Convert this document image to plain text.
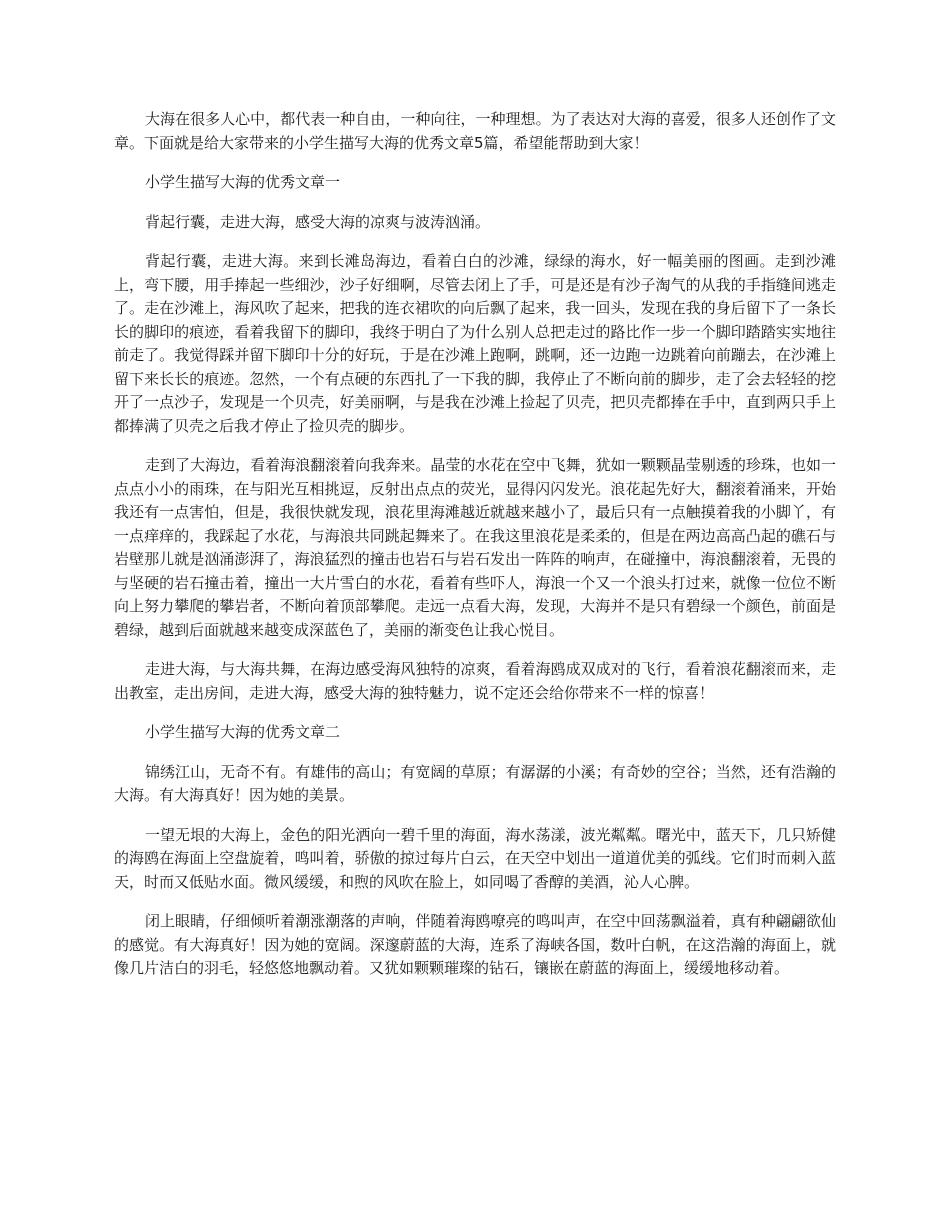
大海在很多人心中，都代表一种自由，一种向往，一种理想。为了表达对大海的喜爱，很多人还创作了文章。下面就是给大家带来的小学生描写大海的优秀文章5篇，希望能帮助到大家！

小学生描写大海的优秀文章一

背起行囊，走进大海，感受大海的凉爽与波涛汹涌。

背起行囊，走进大海。来到长滩岛海边，看着白白的沙滩，绿绿的海水，好一幅美丽的图画。走到沙滩上，弯下腰，用手捧起一些细沙，沙子好细啊，尽管去闭上了手，可是还是有沙子淘气的从我的手指缝间逃走了。走在沙滩上，海风吹了起来，把我的连衣裙吹的向后飘了起来，我一回头，发现在我的身后留下了一条长长的脚印的痕迹，看着我留下的脚印，我终于明白了为什么别人总把走过的路比作一步一个脚印踏踏实实地往前走了。我觉得踩并留下脚印十分的好玩，于是在沙滩上跑啊，跳啊，还一边跑一边跳着向前蹦去，在沙滩上留下来长长的痕迹。忽然，一个有点硬的东西扎了一下我的脚，我停止了不断向前的脚步，走了会去轻轻的挖开了一点沙子，发现是一个贝壳，好美丽啊，与是我在沙滩上捡起了贝壳，把贝壳都捧在手中，直到两只手上都捧满了贝壳之后我才停止了捡贝壳的脚步。

走到了大海边，看着海浪翻滚着向我奔来。晶莹的水花在空中飞舞，犹如一颗颗晶莹剔透的珍珠，也如一点点小小的雨珠，在与阳光互相挑逗，反射出点点的荧光，显得闪闪发光。浪花起先好大，翻滚着涌来，开始我还有一点害怕，但是，我很快就发现，浪花里海滩越近就越来越小了，最后只有一点触摸着我的小脚丫，有一点痒痒的，我踩起了水花，与海浪共同跳起舞来了。在我这里浪花是柔柔的，但是在两边高高凸起的礁石与岩壁那儿就是汹涌澎湃了，海浪猛烈的撞击也岩石与岩石发出一阵阵的响声，在碰撞中，海浪翻滚着，无畏的与坚硬的岩石撞击着，撞出一大片雪白的水花，看着有些吓人，海浪一个又一个浪头打过来，就像一位位不断向上努力攀爬的攀岩者，不断向着顶部攀爬。走远一点看大海，发现，大海并不是只有碧绿一个颜色，前面是碧绿，越到后面就越来越变成深蓝色了，美丽的渐变色让我心悦目。

走进大海，与大海共舞，在海边感受海风独特的凉爽，看着海鸥成双成对的飞行，看着浪花翻滚而来，走出教室，走出房间，走进大海，感受大海的独特魅力，说不定还会给你带来不一样的惊喜！

小学生描写大海的优秀文章二

锦绣江山，无奇不有。有雄伟的高山；有宽阔的草原；有潺潺的小溪；有奇妙的空谷；当然，还有浩瀚的大海。有大海真好！因为她的美景。

一望无垠的大海上，金色的阳光洒向一碧千里的海面，海水荡漾，波光粼粼。曙光中，蓝天下，几只矫健的海鸥在海面上空盘旋着，鸣叫着，骄傲的掠过每片白云，在天空中划出一道道优美的弧线。它们时而刺入蓝天，时而又低贴水面。微风缓缓，和煦的风吹在脸上，如同喝了香醇的美酒，沁人心脾。

闭上眼睛，仔细倾听着潮涨潮落的声响，伴随着海鸥嘹亮的鸣叫声，在空中回荡飘溢着，真有种翩翩欲仙的感觉。有大海真好！因为她的宽阔。深邃蔚蓝的大海，连系了海峡各国，数叶白帆，在这浩瀚的海面上，就像几片洁白的羽毛，轻悠悠地飘动着。又犹如颗颗璀璨的钻石，镶嵌在蔚蓝的海面上，缓缓地移动着。
